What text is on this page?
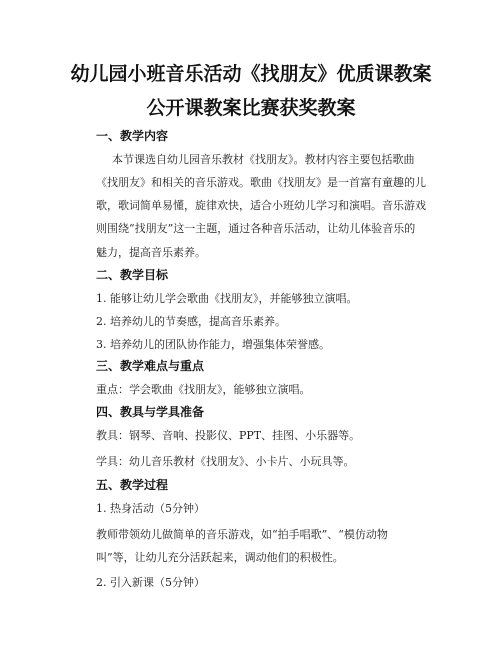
幼儿园小班音乐活动《找朋友》优质课教案
公开课教案比赛获奖教案
一、教学内容
本节课选自幼儿园音乐教材《找朋友》。教材内容主要包括歌曲
《找朋友》和相关的音乐游戏。歌曲《找朋友》是一首富有童趣的儿
歌，歌词简单易懂，旋律欢快，适合小班幼儿学习和演唱。音乐游戏
则围绕“找朋友”这一主题，通过各种音乐活动，让幼儿体验音乐的
魅力，提高音乐素养。
二、教学目标
1. 能够让幼儿学会歌曲《找朋友》，并能够独立演唱。
2. 培养幼儿的节奏感，提高音乐素养。
3. 培养幼儿的团队协作能力，增强集体荣誉感。
三、教学难点与重点
重点：学会歌曲《找朋友》，能够独立演唱。
四、教具与学具准备
教具：钢琴、音响、投影仪、PPT、挂图、小乐器等。
学具：幼儿音乐教材《找朋友》、小卡片、小玩具等。
五、教学过程
1. 热身活动（5分钟）
教师带领幼儿做简单的音乐游戏，如“拍手唱歌”、“模仿动物
叫”等，让幼儿充分活跃起来，调动他们的积极性。
2. 引入新课（5分钟）
